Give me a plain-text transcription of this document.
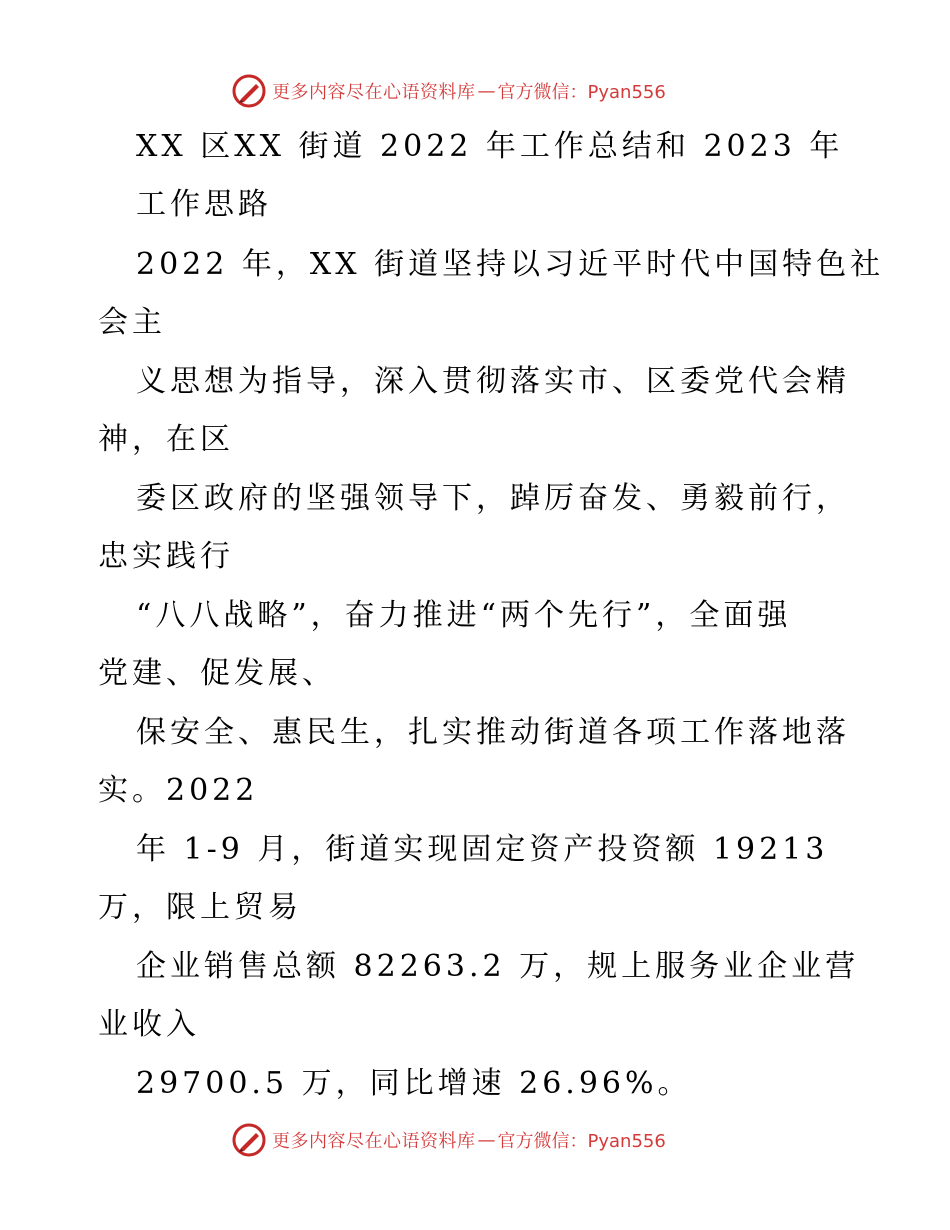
更多内容尽在心语资料库 — 官方微信：Pyan556
XX 区XX 街道 2022 年工作总结和 2023 年
工作思路
2022 年，XX 街道坚持以习近平时代中国特色社
会主
义思想为指导，深入贯彻落实市、区委党代会精
神，在区
委区政府的坚强领导下，踔厉奋发、勇毅前行，
忠实践行
“八八战略”，奋力推进“两个先行”，全面强
党建、促发展、
保安全、惠民生，扎实推动街道各项工作落地落
实。2022
年 1-9 月，街道实现固定资产投资额 19213
万，限上贸易
企业销售总额 82263.2 万，规上服务业企业营
业收入
29700.5 万，同比增速 26.96%。
更多内容尽在心语资料库 — 官方微信：Pyan556
